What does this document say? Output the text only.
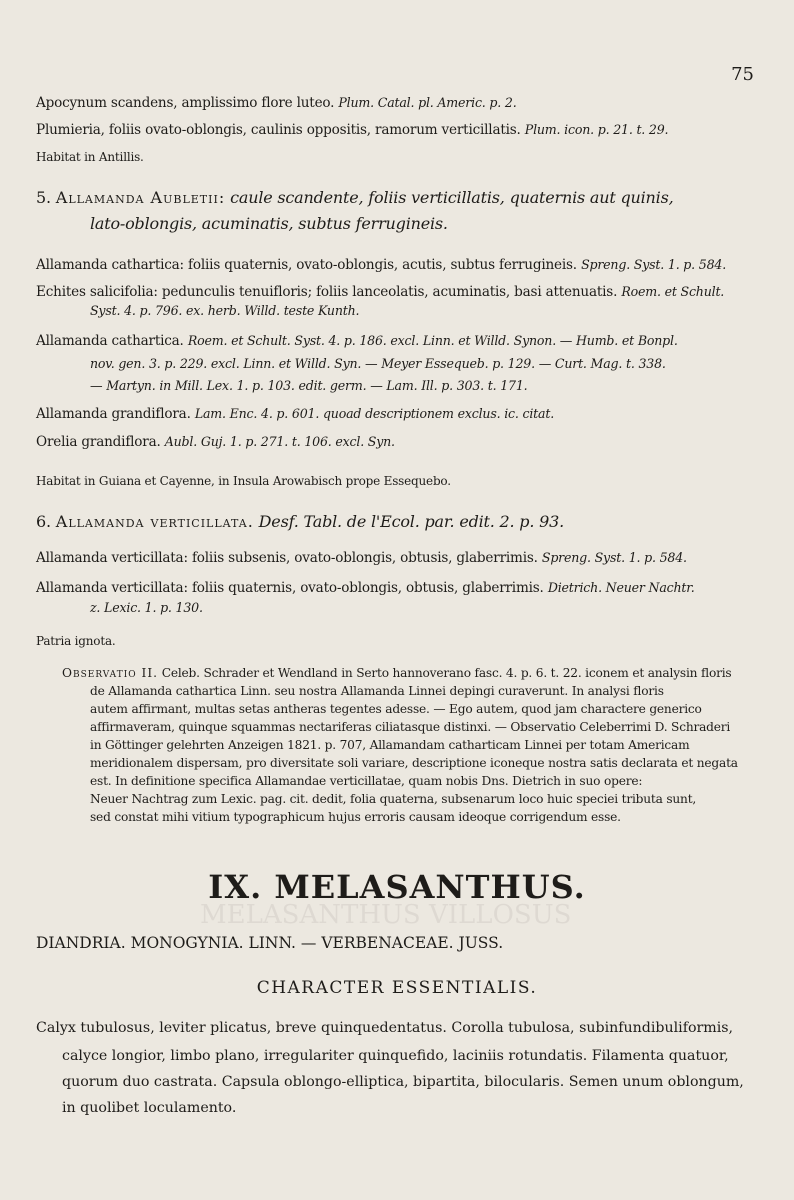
75
Apocynum scandens, amplissimo flore luteo. Plum. Catal. pl. Americ. p. 2.
Plumieria, foliis ovato-oblongis, caulinis oppositis, ramorum verticillatis. Plum. icon. p. 21. t. 29.
Habitat in Antillis.
5. Allamanda Aubletii: caule scandente, foliis verticillatis, quaternis aut quinis,
lato-oblongis, acuminatis, subtus ferrugineis.
Allamanda cathartica: foliis quaternis, ovato-oblongis, acutis, subtus ferrugineis. Spreng. Syst. 1. p. 584.
Echites salicifolia: pedunculis tenuifloris; foliis lanceolatis, acuminatis, basi attenuatis. Roem. et Schult.
Syst. 4. p. 796. ex. herb. Willd. teste Kunth.
Allamanda cathartica. Roem. et Schult. Syst. 4. p. 186. excl. Linn. et Willd. Synon. — Humb. et Bonpl.
nov. gen. 3. p. 229. excl. Linn. et Willd. Syn. — Meyer Essequeb. p. 129. — Curt. Mag. t. 338.
— Martyn. in Mill. Lex. 1. p. 103. edit. germ. — Lam. Ill. p. 303. t. 171.
Allamanda grandiflora. Lam. Enc. 4. p. 601. quoad descriptionem exclus. ic. citat.
Orelia grandiflora. Aubl. Guj. 1. p. 271. t. 106. excl. Syn.
Habitat in Guiana et Cayenne, in Insula Arowabisch prope Essequebo.
6. Allamanda verticillata. Desf. Tabl. de l'Ecol. par. edit. 2. p. 93.
Allamanda verticillata: foliis subsenis, ovato-oblongis, obtusis, glaberrimis. Spreng. Syst. 1. p. 584.
Allamanda verticillata: foliis quaternis, ovato-oblongis, obtusis, glaberrimis. Dietrich. Neuer Nachtr.
z. Lexic. 1. p. 130.
Patria ignota.
Observatio II. Celeb. Schrader et Wendland in Serto hannoverano fasc. 4. p. 6. t. 22. iconem et analysin floris
de Allamanda cathartica Linn. seu nostra Allamanda Linnei depingi curaverunt. In analysi floris
autem affirmant, multas setas antheras tegentes adesse. — Ego autem, quod jam charactere generico
affirmaveram, quinque squammas nectariferas ciliatasque distinxi. — Observatio Celeberrimi D. Schraderi
in Göttinger gelehrten Anzeigen 1821. p. 707, Allamandam catharticam Linnei per totam Americam
meridionalem dispersam, pro diversitate soli variare, descriptione iconeque nostra satis declarata et negata
est. In definitione specifica Allamandae verticillatae, quam nobis Dns. Dietrich in suo opere:
Neuer Nachtrag zum Lexic. pag. cit. dedit, folia quaterna, subsenarum loco huic speciei tributa sunt,
sed constat mihi vitium typographicum hujus erroris causam ideoque corrigendum esse.
MELASANTHUS VILLOSUS
IX. MELASANTHUS.
DIANDRIA. MONOGYNIA. LINN. — VERBENACEAE. JUSS.
CHARACTER ESSENTIALIS.
Calyx tubulosus, leviter plicatus, breve quinquedentatus. Corolla tubulosa, subinfundibuliformis,
calyce longior, limbo plano, irregulariter quinquefido, laciniis rotundatis. Filamenta quatuor,
quorum duo castrata. Capsula oblongo-elliptica, bipartita, bilocularis. Semen unum oblongum,
in quolibet loculamento.
